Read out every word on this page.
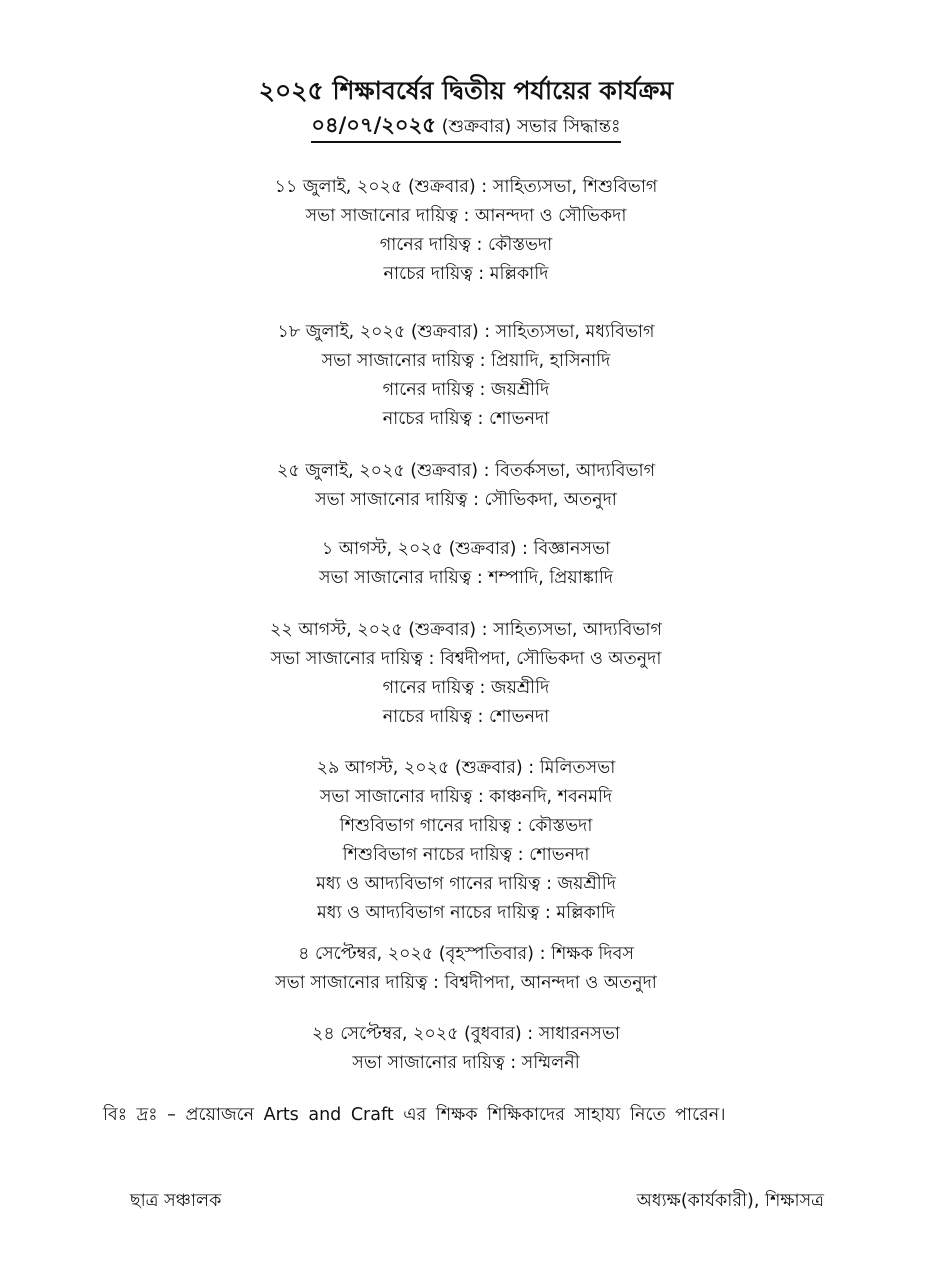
২০২৫ শিক্ষাবর্ষের দ্বিতীয় পর্যায়ের কার্যক্রম
০৪/০৭/২০২৫ (শুক্রবার) সভার সিদ্ধান্তঃ
১১ জুলাই, ২০২৫ (শুক্রবার) : সাহিত্যসভা, শিশুবিভাগ
সভা সাজানোর দায়িত্ব : আনন্দদা ও সৌভিকদা
গানের দায়িত্ব : কৌস্তভদা
নাচের দায়িত্ব : মল্লিকাদি
১৮ জুলাই, ২০২৫ (শুক্রবার) : সাহিত্যসভা, মধ্যবিভাগ
সভা সাজানোর দায়িত্ব : প্রিয়াদি, হাসিনাদি
গানের দায়িত্ব : জয়শ্রীদি
নাচের দায়িত্ব : শোভনদা
২৫ জুলাই, ২০২৫ (শুক্রবার) : বিতর্কসভা, আদ্যবিভাগ
সভা সাজানোর দায়িত্ব : সৌভিকদা, অতনুদা
১ আগস্ট, ২০২৫ (শুক্রবার) : বিজ্ঞানসভা
সভা সাজানোর দায়িত্ব : শম্পাদি, প্রিয়াঙ্কাদি
২২ আগস্ট, ২০২৫ (শুক্রবার) : সাহিত্যসভা, আদ্যবিভাগ
সভা সাজানোর দায়িত্ব : বিশ্বদীপদা, সৌভিকদা ও অতনুদা
গানের দায়িত্ব : জয়শ্রীদি
নাচের দায়িত্ব : শোভনদা
২৯ আগস্ট, ২০২৫ (শুক্রবার) : মিলিতসভা
সভা সাজানোর দায়িত্ব : কাঞ্চনদি, শবনমদি
শিশুবিভাগ গানের দায়িত্ব : কৌস্তভদা
শিশুবিভাগ নাচের দায়িত্ব : শোভনদা
মধ্য ও আদ্যবিভাগ গানের দায়িত্ব : জয়শ্রীদি
মধ্য ও আদ্যবিভাগ নাচের দায়িত্ব : মল্লিকাদি
৪ সেপ্টেম্বর, ২০২৫ (বৃহস্পতিবার) : শিক্ষক দিবস
সভা সাজানোর দায়িত্ব : বিশ্বদীপদা, আনন্দদা ও অতনুদা
২৪ সেপ্টেম্বর, ২০২৫ (বুধবার) : সাধারনসভা
সভা সাজানোর দায়িত্ব : সম্মিলনী
বিঃ দ্রঃ – প্রয়োজনে Arts and Craft এর শিক্ষক শিক্ষিকাদের সাহায্য নিতে পারেন।
ছাত্র সঞ্চালক	অধ্যক্ষ(কার্যকারী), শিক্ষাসত্র
